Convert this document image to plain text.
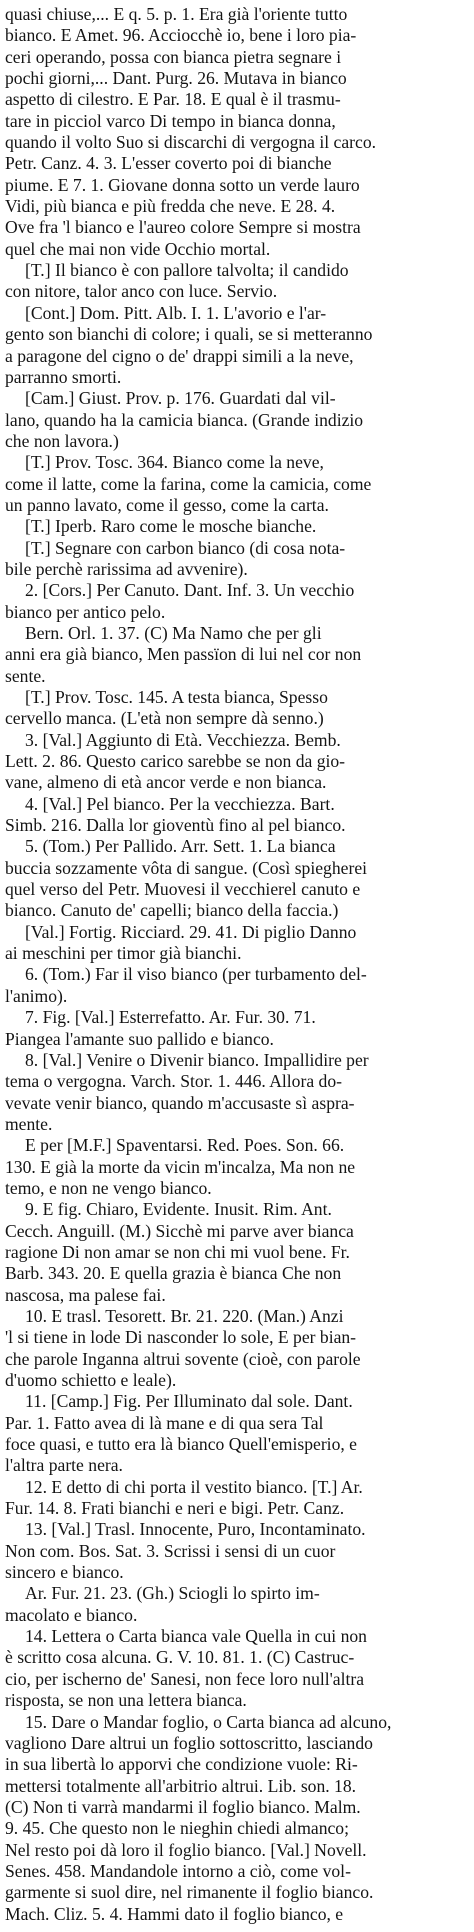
quasi chiuse,... E q. 5. p. 1. Era già l'oriente tutto
bianco. E Amet. 96. Acciocchè io, bene i loro pia-
ceri operando, possa con bianca pietra segnare i
pochi giorni,... Dant. Purg. 26. Mutava in bianco
aspetto di cilestro. E Par. 18. E qual è il trasmu-
tare in picciol varco Di tempo in bianca donna,
quando il volto Suo si discarchi di vergogna il carco.
Petr. Canz. 4. 3. L'esser coverto poi di bianche
piume. E 7. 1. Giovane donna sotto un verde lauro
Vidi, più bianca e più fredda che neve. E 28. 4.
Ove fra 'l bianco e l'aureo colore Sempre si mostra
quel che mai non vide Occhio mortal.
[T.] Il bianco è con pallore talvolta; il candido
con nitore, talor anco con luce. Servio.
[Cont.] Dom. Pitt. Alb. I. 1. L'avorio e l'ar-
gento son bianchi di colore; i quali, se si metteranno
a paragone del cigno o de' drappi simili a la neve,
parranno smorti.
[Cam.] Giust. Prov. p. 176. Guardati dal vil-
lano, quando ha la camicia bianca. (Grande indizio
che non lavora.)
[T.] Prov. Tosc. 364. Bianco come la neve,
come il latte, come la farina, come la camicia, come
un panno lavato, come il gesso, come la carta.
[T.] Iperb. Raro come le mosche bianche.
[T.] Segnare con carbon bianco (di cosa nota-
bile perchè rarissima ad avvenire).
2. [Cors.] Per Canuto. Dant. Inf. 3. Un vecchio
bianco per antico pelo.
Bern. Orl. 1. 37. (C) Ma Namo che per gli
anni era già bianco, Men passïon di lui nel cor non
sente.
[T.] Prov. Tosc. 145. A testa bianca, Spesso
cervello manca. (L'età non sempre dà senno.)
3. [Val.] Aggiunto di Età. Vecchiezza. Bemb.
Lett. 2. 86. Questo carico sarebbe se non da gio-
vane, almeno di età ancor verde e non bianca.
4. [Val.] Pel bianco. Per la vecchiezza. Bart.
Simb. 216. Dalla lor gioventù fino al pel bianco.
5. (Tom.) Per Pallido. Arr. Sett. 1. La bianca
buccia sozzamente vôta di sangue. (Così spiegherei
quel verso del Petr. Muovesi il vecchierel canuto e
bianco. Canuto de' capelli; bianco della faccia.)
[Val.] Fortig. Ricciard. 29. 41. Di piglio Danno
ai meschini per timor già bianchi.
6. (Tom.) Far il viso bianco (per turbamento del-
l'animo).
7. Fig. [Val.] Esterrefatto. Ar. Fur. 30. 71.
Piangea l'amante suo pallido e bianco.
8. [Val.] Venire o Divenir bianco. Impallidire per
tema o vergogna. Varch. Stor. 1. 446. Allora do-
vevate venir bianco, quando m'accusaste sì aspra-
mente.
E per [M.F.] Spaventarsi. Red. Poes. Son. 66.
130. E già la morte da vicin m'incalza, Ma non ne
temo, e non ne vengo bianco.
9. E fig. Chiaro, Evidente. Inusit. Rim. Ant.
Cecch. Anguill. (M.) Sicchè mi parve aver bianca
ragione Di non amar se non chi mi vuol bene. Fr.
Barb. 343. 20. E quella grazia è bianca Che non
nascosa, ma palese fai.
10. E trasl. Tesorett. Br. 21. 220. (Man.) Anzi
'l si tiene in lode Di nasconder lo sole, E per bian-
che parole Inganna altrui sovente (cioè, con parole
d'uomo schietto e leale).
11. [Camp.] Fig. Per Illuminato dal sole. Dant.
Par. 1. Fatto avea di là mane e di qua sera Tal
foce quasi, e tutto era là bianco Quell'emisperio, e
l'altra parte nera.
12. E detto di chi porta il vestito bianco. [T.] Ar.
Fur. 14. 8. Frati bianchi e neri e bigi. Petr. Canz.
13. [Val.] Trasl. Innocente, Puro, Incontaminato.
Non com. Bos. Sat. 3. Scrissi i sensi di un cuor
sincero e bianco.
Ar. Fur. 21. 23. (Gh.) Sciogli lo spirto im-
macolato e bianco.
14. Lettera o Carta bianca vale Quella in cui non
è scritto cosa alcuna. G. V. 10. 81. 1. (C) Castruc-
cio, per ischerno de' Sanesi, non fece loro null'altra
risposta, se non una lettera bianca.
15. Dare o Mandar foglio, o Carta bianca ad alcuno,
vagliono Dare altrui un foglio sottoscritto, lasciando
in sua libertà lo apporvi che condizione vuole: Ri-
mettersi totalmente all'arbitrio altrui. Lib. son. 18.
(C) Non ti varrà mandarmi il foglio bianco. Malm.
9. 45. Che questo non le nieghin chiedi almanco;
Nel resto poi dà loro il foglio bianco. [Val.] Novell.
Senes. 458. Mandandole intorno a ciò, come vol-
garmente si suol dire, nel rimanente il foglio bianco.
Mach. Cliz. 5. 4. Hammi dato il foglio bianco, e
